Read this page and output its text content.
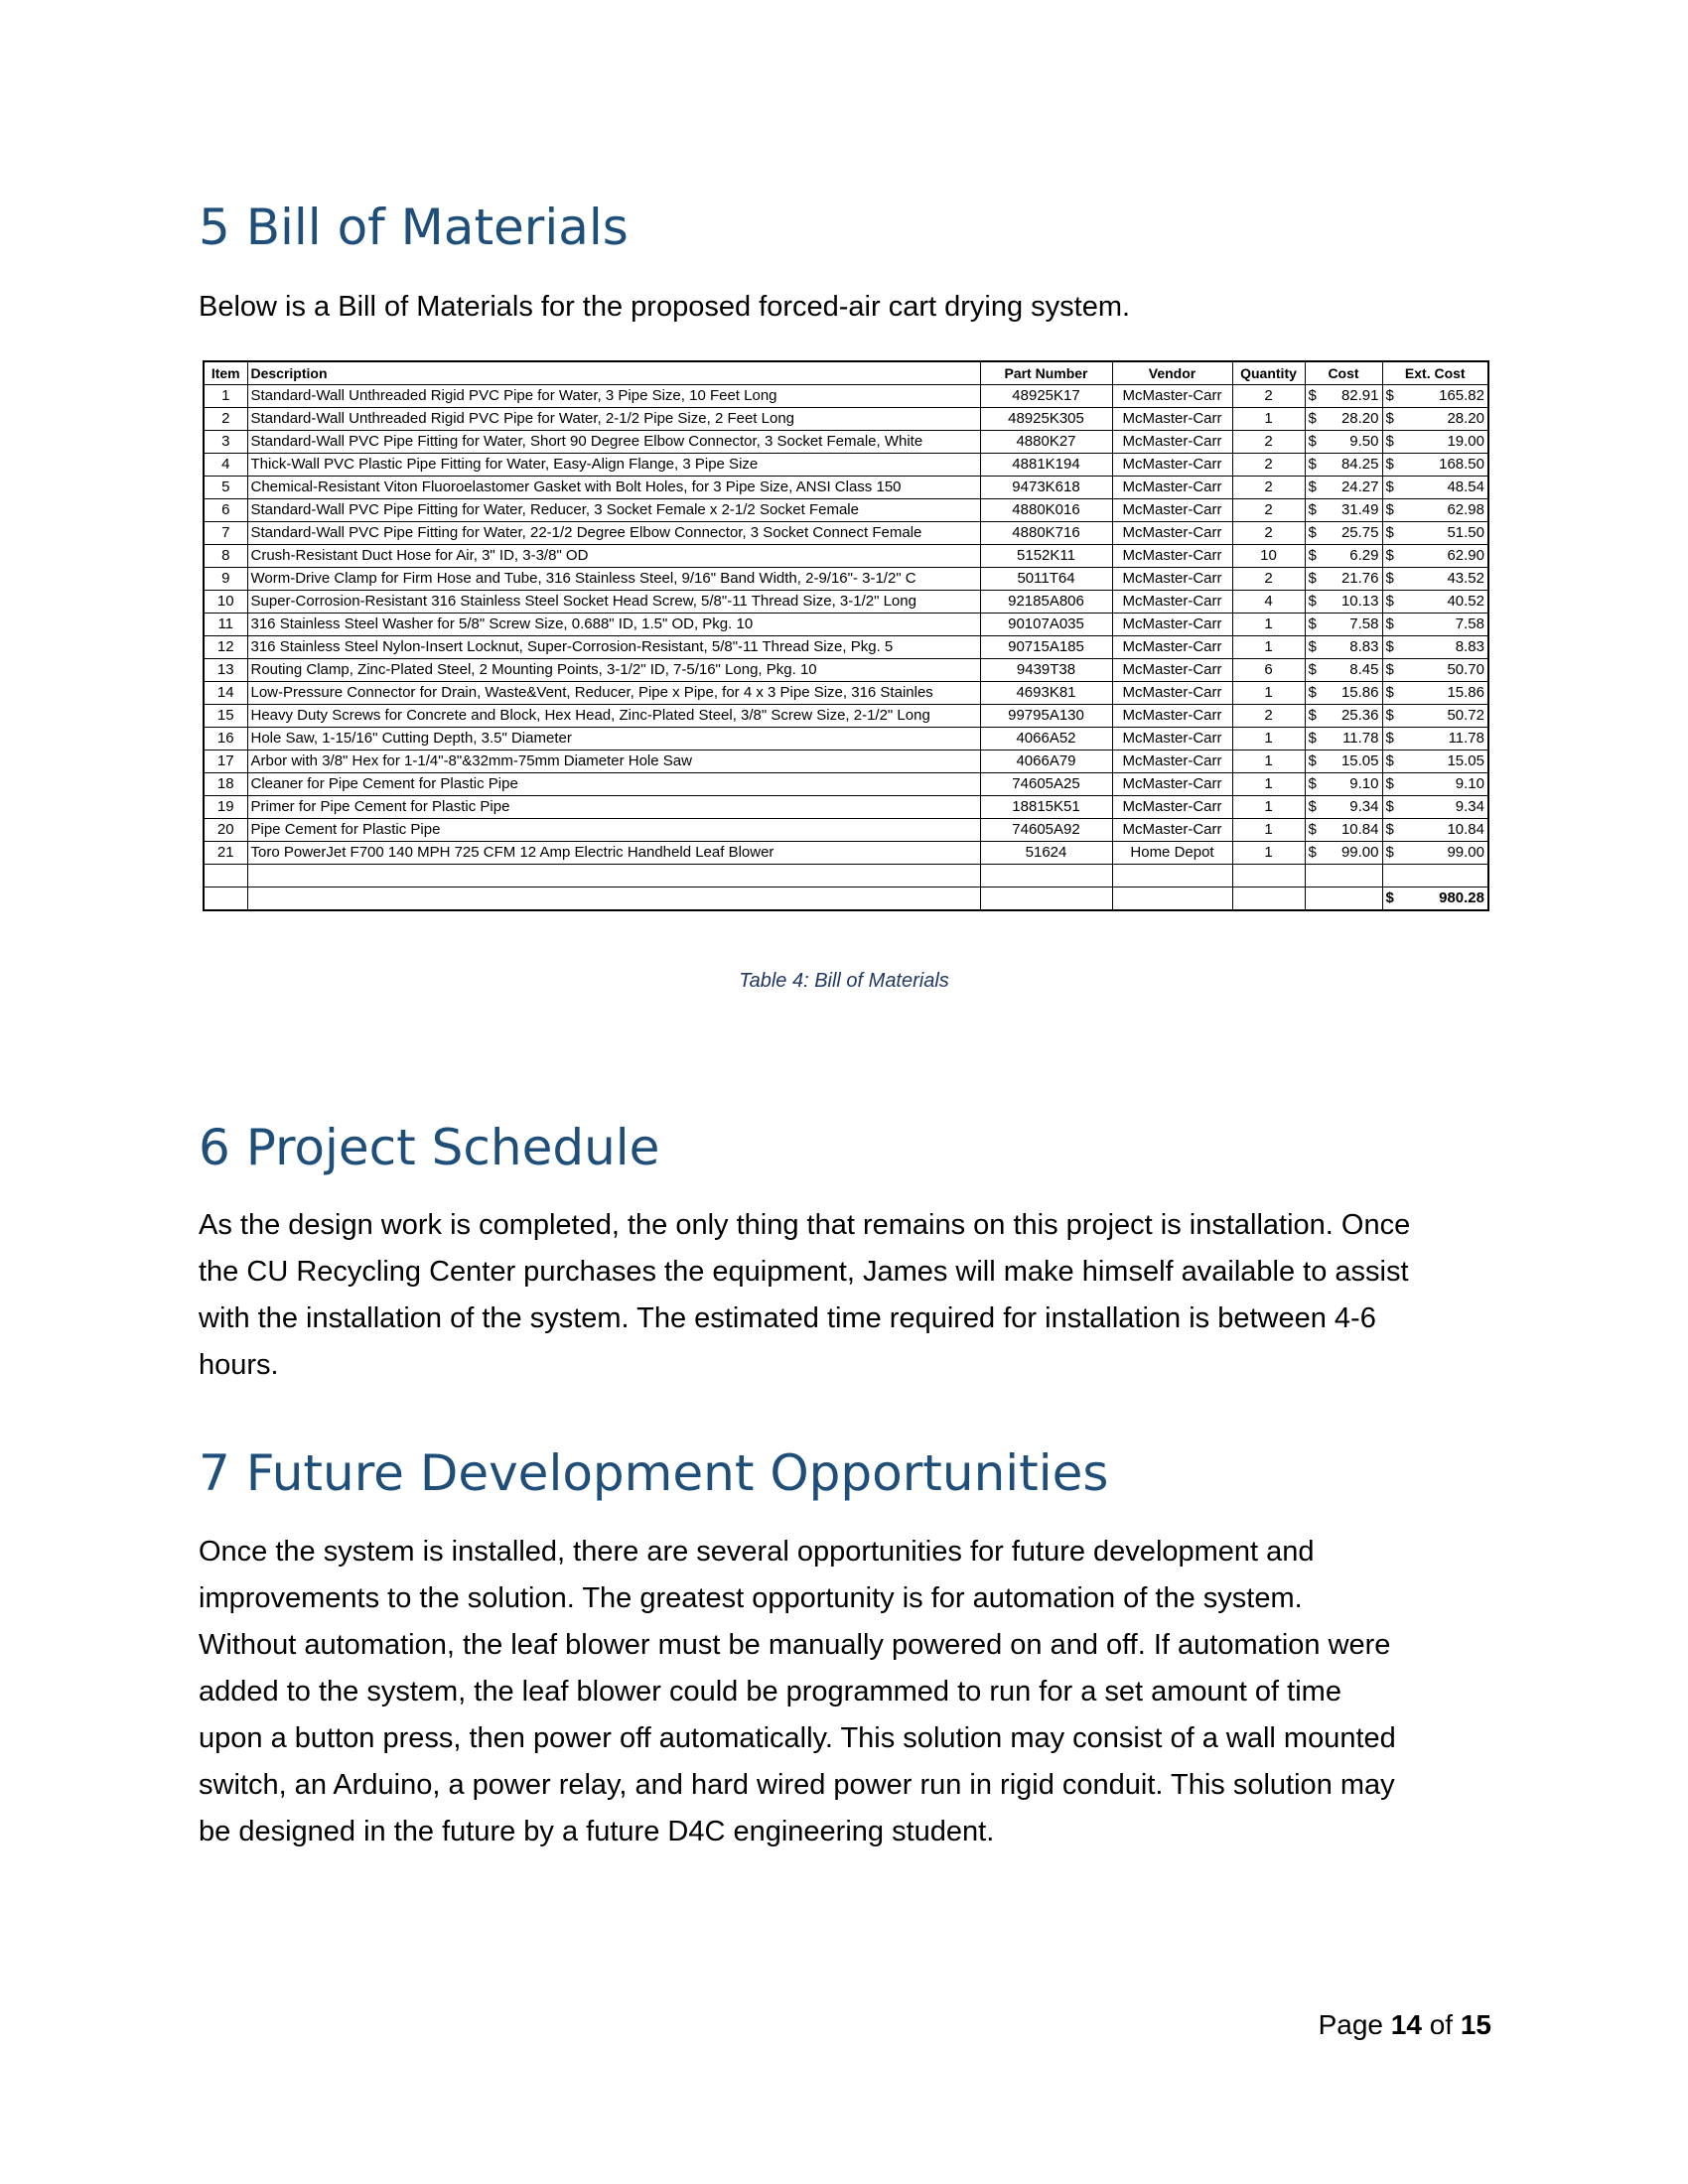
5 Bill of Materials

Below is a Bill of Materials for the proposed forced-air cart drying system.

Item	Description	Part Number	Vendor	Quantity	Cost	Ext. Cost
1	Standard-Wall Unthreaded Rigid PVC Pipe for Water, 3 Pipe Size, 10 Feet Long	48925K17	McMaster-Carr	2	$ 82.91	$ 165.82

2	Standard-Wall Unthreaded Rigid PVC Pipe for Water, 2-1/2 Pipe Size, 2 Feet Long	48925K305	McMaster-Carr	1	$ 28.20	$ 28.20

3	Standard-Wall PVC Pipe Fitting for Water, Short 90 Degree Elbow Connector, 3 Socket Female, White	4880K27	McMaster-Carr	2	$ 9.50	$ 19.00

4	Thick-Wall PVC Plastic Pipe Fitting for Water, Easy-Align Flange, 3 Pipe Size	4881K194	McMaster-Carr	2	$ 84.25	$ 168.50

5	Chemical-Resistant Viton Fluoroelastomer Gasket with Bolt Holes, for 3 Pipe Size, ANSI Class 150	9473K618	McMaster-Carr	2	$ 24.27	$ 48.54

6	Standard-Wall PVC Pipe Fitting for Water, Reducer, 3 Socket Female x 2-1/2 Socket Female	4880K016	McMaster-Carr	2	$ 31.49	$ 62.98

7	Standard-Wall PVC Pipe Fitting for Water, 22-1/2 Degree Elbow Connector, 3 Socket Connect Female	4880K716	McMaster-Carr	2	$ 25.75	$ 51.50

8	Crush-Resistant Duct Hose for Air, 3" ID, 3-3/8" OD	5152K11	McMaster-Carr	10	$ 6.29	$ 62.90

9	Worm-Drive Clamp for Firm Hose and Tube, 316 Stainless Steel, 9/16" Band Width, 2-9/16"- 3-1/2" C	5011T64	McMaster-Carr	2	$ 21.76	$ 43.52

10	Super-Corrosion-Resistant 316 Stainless Steel Socket Head Screw, 5/8"-11 Thread Size, 3-1/2" Long	92185A806	McMaster-Carr	4	$ 10.13	$ 40.52

11	316 Stainless Steel Washer for 5/8" Screw Size, 0.688" ID, 1.5" OD, Pkg. 10	90107A035	McMaster-Carr	1	$ 7.58	$ 7.58

12	316 Stainless Steel Nylon-Insert Locknut, Super-Corrosion-Resistant, 5/8"-11 Thread Size, Pkg. 5	90715A185	McMaster-Carr	1	$ 8.83	$ 8.83

13	Routing Clamp, Zinc-Plated Steel, 2 Mounting Points, 3-1/2" ID, 7-5/16" Long, Pkg. 10	9439T38	McMaster-Carr	6	$ 8.45	$ 50.70

14	Low-Pressure Connector for Drain, Waste&Vent, Reducer, Pipe x Pipe, for 4 x 3 Pipe Size, 316 Stainles	4693K81	McMaster-Carr	1	$ 15.86	$ 15.86

15	Heavy Duty Screws for Concrete and Block, Hex Head, Zinc-Plated Steel, 3/8" Screw Size, 2-1/2" Long	99795A130	McMaster-Carr	2	$ 25.36	$ 50.72

16	Hole Saw, 1-15/16" Cutting Depth, 3.5" Diameter	4066A52	McMaster-Carr	1	$ 11.78	$ 11.78

17	Arbor with 3/8" Hex for 1-1/4"-8"&32mm-75mm Diameter Hole Saw	4066A79	McMaster-Carr	1	$ 15.05	$ 15.05

18	Cleaner for Pipe Cement for Plastic Pipe	74605A25	McMaster-Carr	1	$ 9.10	$ 9.10

19	Primer for Pipe Cement for Plastic Pipe	18815K51	McMaster-Carr	1	$ 9.34	$ 9.34

20	Pipe Cement for Plastic Pipe	74605A92	McMaster-Carr	1	$ 10.84	$ 10.84

21	Toro PowerJet F700 140 MPH 725 CFM 12 Amp Electric Handheld Leaf Blower	51624	Home Depot	1	$ 99.00	$ 99.00

						$ 980.28
Table 4: Bill of Materials
6 Project Schedule
As the design work is completed, the only thing that remains on this project is installation. Once
the CU Recycling Center purchases the equipment, James will make himself available to assist
with the installation of the system. The estimated time required for installation is between 4-6
hours.
7 Future Development Opportunities
Once the system is installed, there are several opportunities for future development and
improvements to the solution. The greatest opportunity is for automation of the system.
Without automation, the leaf blower must be manually powered on and off. If automation were
added to the system, the leaf blower could be programmed to run for a set amount of time
upon a button press, then power off automatically. This solution may consist of a wall mounted
switch, an Arduino, a power relay, and hard wired power run in rigid conduit. This solution may
be designed in the future by a future D4C engineering student.
Page 14 of 15
